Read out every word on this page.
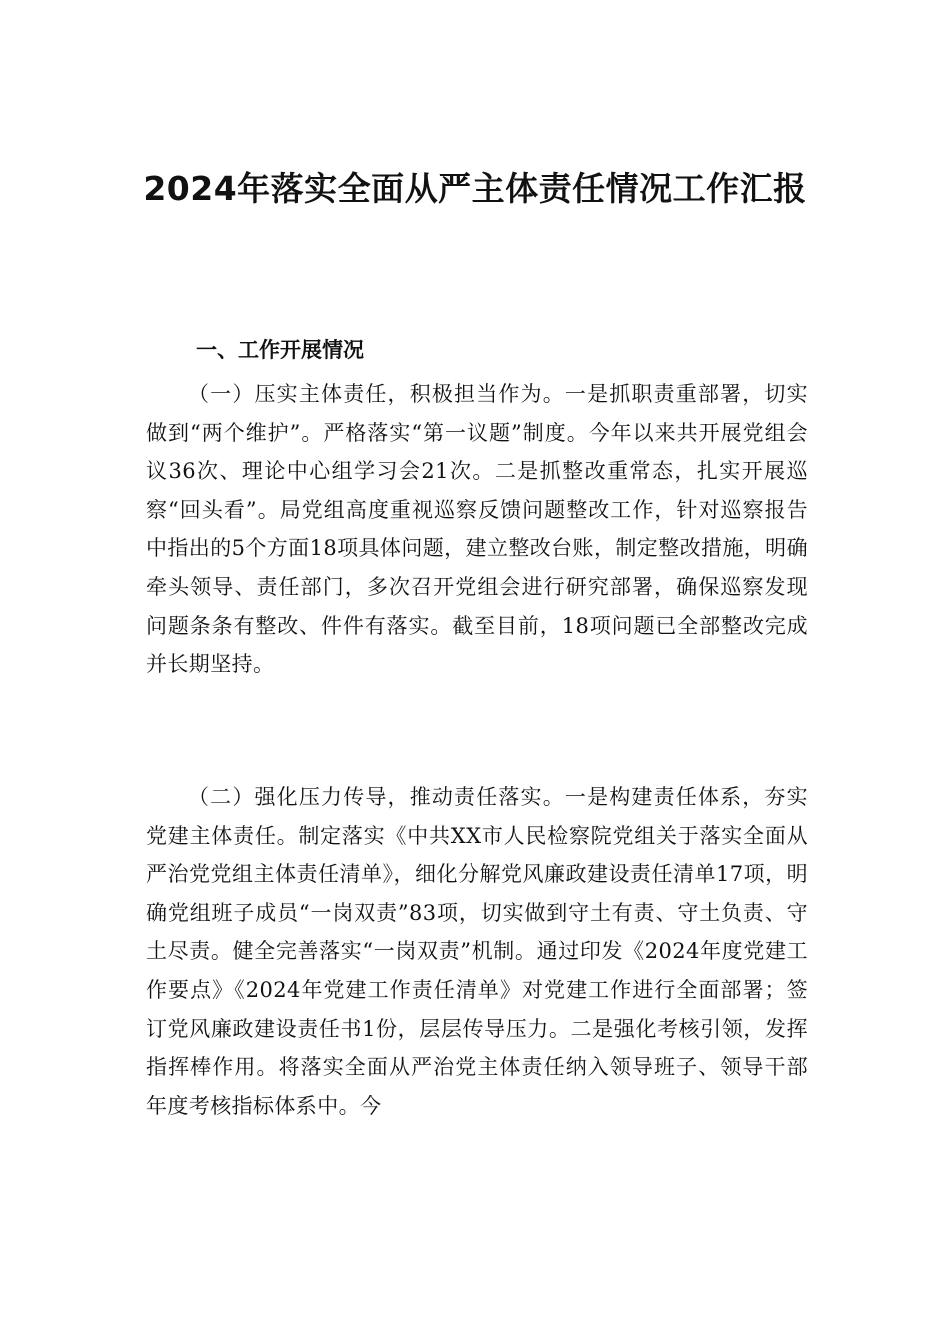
2024年落实全面从严主体责任情况工作汇报
一、工作开展情况

（一）压实主体责任，积极担当作为。一是抓职责重部署，切实做到“两个维护”。严格落实“第一议题”制度。今年以来共开展党组会议36次、理论中心组学习会21次。二是抓整改重常态，扎实开展巡察“回头看”。局党组高度重视巡察反馈问题整改工作，针对巡察报告中指出的5个方面18项具体问题，建立整改台账，制定整改措施，明确牵头领导、责任部门，多次召开党组会进行研究部署，确保巡察发现问题条条有整改、件件有落实。截至目前，18项问题已全部整改完成并长期坚持。

（二）强化压力传导，推动责任落实。一是构建责任体系，夯实党建主体责任。制定落实《中共XX市人民检察院党组关于落实全面从严治党党组主体责任清单》，细化分解党风廉政建设责任清单17项，明确党组班子成员“一岗双责”83项，切实做到守土有责、守土负责、守土尽责。健全完善落实“一岗双责”机制。通过印发《2024年度党建工作要点》《2024年党建工作责任清单》对党建工作进行全面部署；签订党风廉政建设责任书1份，层层传导压力。二是强化考核引领，发挥指挥棒作用。将落实全面从严治党主体责任纳入领导班子、领导干部年度考核指标体系中。今
